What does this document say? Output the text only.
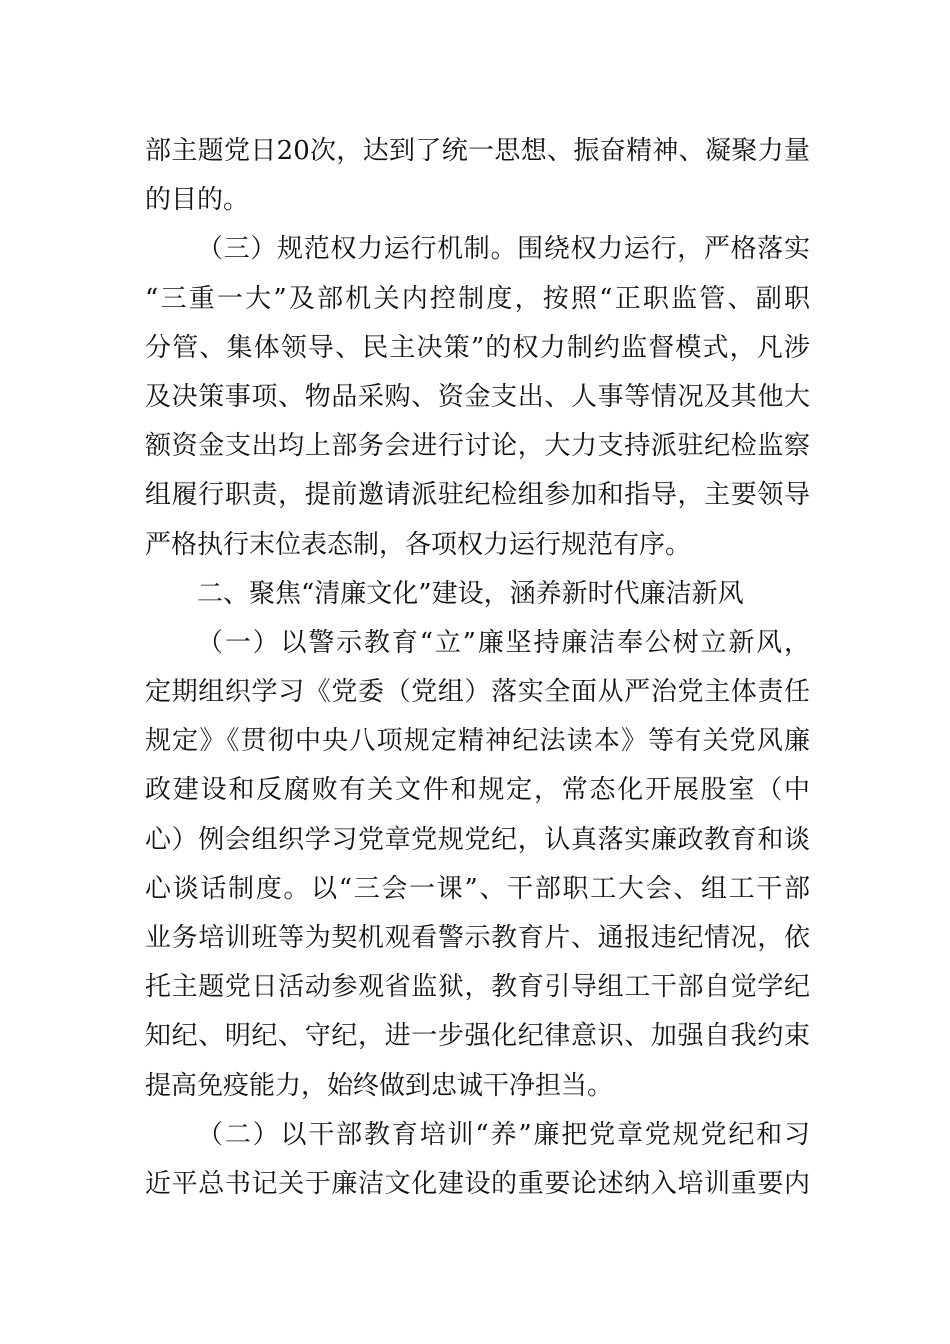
部主题党日20次，达到了统一思想、振奋精神、凝聚力量
的目的。
（三）规范权力运行机制。围绕权力运行，严格落实
“三重一大”及部机关内控制度，按照“正职监管、副职
分管、集体领导、民主决策”的权力制约监督模式，凡涉
及决策事项、物品采购、资金支出、人事等情况及其他大
额资金支出均上部务会进行讨论，大力支持派驻纪检监察
组履行职责，提前邀请派驻纪检组参加和指导，主要领导
严格执行末位表态制，各项权力运行规范有序。
二、聚焦“清廉文化”建设，涵养新时代廉洁新风
（一）以警示教育“立”廉坚持廉洁奉公树立新风，
定期组织学习《党委（党组）落实全面从严治党主体责任
规定》《贯彻中央八项规定精神纪法读本》等有关党风廉
政建设和反腐败有关文件和规定，常态化开展股室（中
心）例会组织学习党章党规党纪，认真落实廉政教育和谈
心谈话制度。以“三会一课”、干部职工大会、组工干部
业务培训班等为契机观看警示教育片、通报违纪情况，依
托主题党日活动参观省监狱，教育引导组工干部自觉学纪
知纪、明纪、守纪，进一步强化纪律意识、加强自我约束
提高免疫能力，始终做到忠诚干净担当。
（二）以干部教育培训“养”廉把党章党规党纪和习
近平总书记关于廉洁文化建设的重要论述纳入培训重要内
